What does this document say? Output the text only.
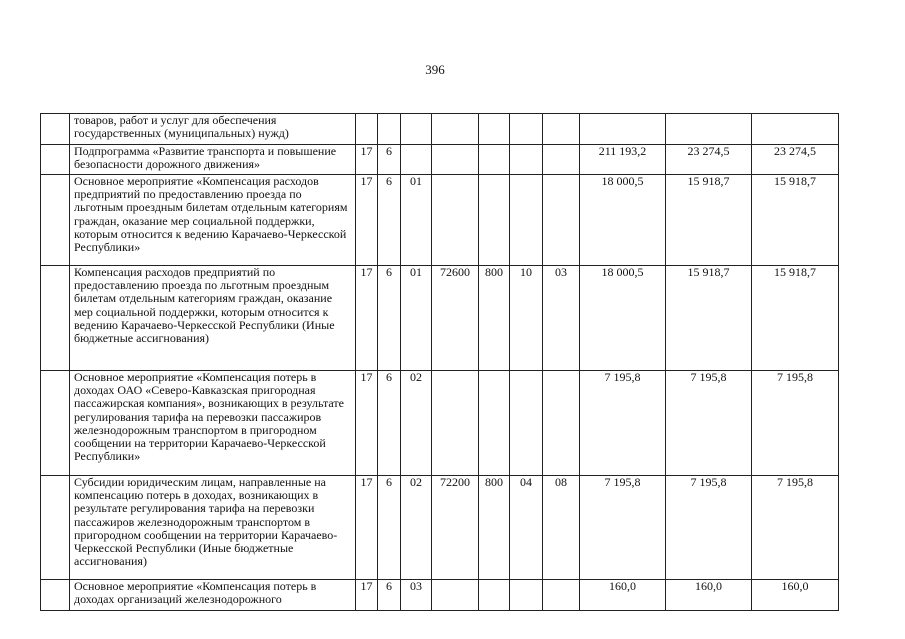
396
	товаров, работ и услуг для обеспечения государственных (муниципальных) нужд)										
	Подпрограмма «Развитие транспорта и повышение безопасности дорожного движения»	17	6						211 193,2	23 274,5	23 274,5
	Основное мероприятие «Компенсация расходов предприятий по предоставлению проезда по льготным проездным билетам отдельным категориям граждан, оказание мер социальной поддержки, которым относится к ведению Карачаево-Черкесской Республики»	17	6	01					18 000,5	15 918,7	15 918,7
	Компенсация расходов предприятий по предоставлению проезда по льготным проездным билетам отдельным категориям граждан, оказание мер социальной поддержки, которым относится к ведению Карачаево-Черкесской Республики (Иные бюджетные ассигнования)	17	6	01	72600	800	10	03	18 000,5	15 918,7	15 918,7
	Основное мероприятие «Компенсация потерь в доходах ОАО «Северо-Кавказская пригородная пассажирская компания», возникающих в результате регулирования тарифа на перевозки пассажиров железнодорожным транспортом в пригородном сообщении на территории Карачаево-Черкесской Республики»	17	6	02					7 195,8	7 195,8	7 195,8
	Субсидии юридическим лицам, направленные на компенсацию потерь в доходах, возникающих в результате регулирования тарифа на перевозки пассажиров железнодорожным транспортом в пригородном сообщении на территории Карачаево-Черкесской Республики (Иные бюджетные ассигнования)	17	6	02	72200	800	04	08	7 195,8	7 195,8	7 195,8
	Основное мероприятие «Компенсация потерь в доходах организаций железнодорожного	17	6	03					160,0	160,0	160,0
